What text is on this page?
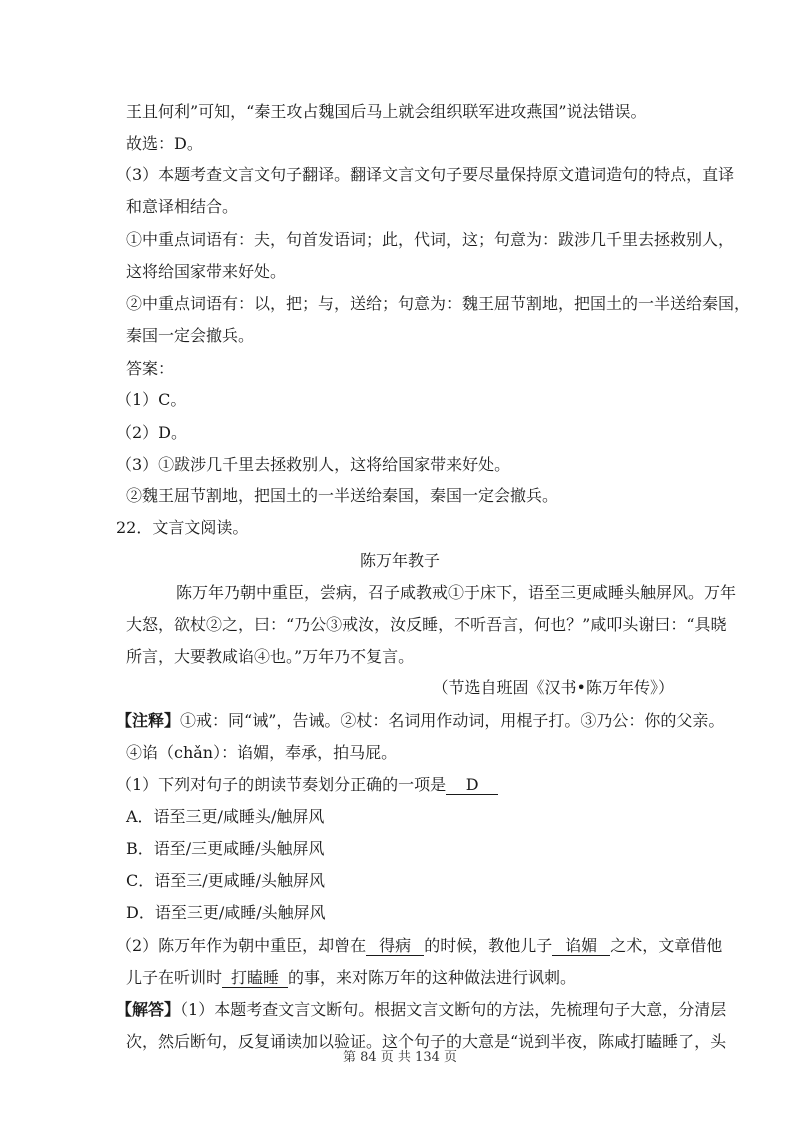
王且何利”可知，“秦王攻占魏国后马上就会组织联军进攻燕国”说法错误。
故选：D。
（3）本题考查文言文句子翻译。翻译文言文句子要尽量保持原文遣词造句的特点，直译
和意译相结合。
①中重点词语有：夫，句首发语词；此，代词，这；句意为：跋涉几千里去拯救别人，
这将给国家带来好处。
②中重点词语有：以，把；与，送给；句意为：魏王屈节割地，把国土的一半送给秦国，
秦国一定会撤兵。
答案：
（1）C。
（2）D。
（3）①跋涉几千里去拯救别人，这将给国家带来好处。
②魏王屈节割地，把国土的一半送给秦国，秦国一定会撤兵。
22．文言文阅读。
陈万年教子
陈万年乃朝中重臣，尝病，召子咸教戒①于床下，语至三更咸睡头触屏风。万年
大怒，欲杖②之，曰：“乃公③戒汝，汝反睡，不听吾言，何也？”咸叩头谢曰：“具晓
所言，大要教咸谄④也。”万年乃不复言。
（节选自班固《汉书•陈万年传》）
【注释】①戒：同“诫”，告诫。②杖：名词用作动词，用棍子打。③乃公：你的父亲。
④谄（chǎn）：谄媚，奉承，拍马屁。
（1）下列对句子的朗读节奏划分正确的一项是 D
A．语至三更/咸睡头/触屏风
B．语至/三更咸睡/头触屏风
C．语至三/更咸睡/头触屏风
D．语至三更/咸睡/头触屏风
（2）陈万年作为朝中重臣，却曾在 得病 的时候，教他儿子 谄媚 之术，文章借他
儿子在听训时 打瞌睡 的事，来对陈万年的这种做法进行讽刺。
【解答】（1）本题考查文言文断句。根据文言文断句的方法，先梳理句子大意，分清层
次，然后断句，反复诵读加以验证。这个句子的大意是“说到半夜，陈咸打瞌睡了，头
第 84 页 共 134 页
